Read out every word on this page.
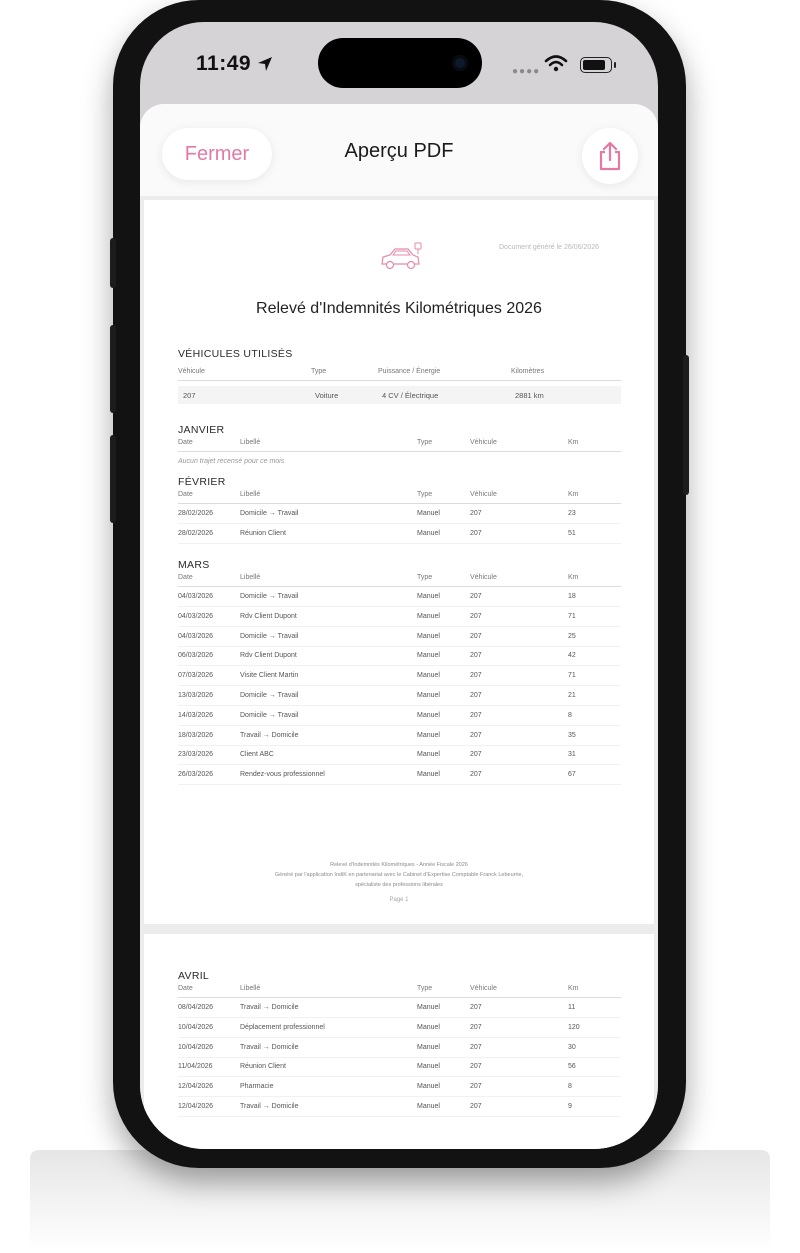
11:49	●●●●
Fermer	Aperçu PDF
Document généré le 26/06/2026
Relevé d'Indemnités Kilométriques 2026
VÉHICULES UTILISÉS
Véhicule	Type	Puissance / Énergie	Kilomètres
207	Voiture	4 CV / Électrique	2881 km
JANVIER
Date	Libellé	Type	Véhicule	Km
Aucun trajet recensé pour ce mois
FÉVRIER
Date	Libellé	Type	Véhicule	Km
28/02/2026	Domicile → Travail	Manuel	207	23
28/02/2026	Réunion Client	Manuel	207	51
MARS
Date	Libellé	Type	Véhicule	Km
04/03/2026	Domicile → Travail	Manuel	207	18
04/03/2026	Rdv Client Dupont	Manuel	207	71
04/03/2026	Domicile → Travail	Manuel	207	25
06/03/2026	Rdv Client Dupont	Manuel	207	42
07/03/2026	Visite Client Martin	Manuel	207	71
13/03/2026	Domicile → Travail	Manuel	207	21
14/03/2026	Domicile → Travail	Manuel	207	8
18/03/2026	Travail → Domicile	Manuel	207	35
23/03/2026	Client ABC	Manuel	207	31
26/03/2026	Rendez-vous professionnel	Manuel	207	67
Relevé d'Indemnités Kilométriques - Année Fiscale 2026
Généré par l'application IndiK en partenariat avec le Cabinet d'Expertise Comptable Franck Lebeurrie,
spécialiste des professions libérales
Page 1
AVRIL
Date	Libellé	Type	Véhicule	Km
08/04/2026	Travail → Domicile	Manuel	207	11
10/04/2026	Déplacement professionnel	Manuel	207	120
10/04/2026	Travail → Domicile	Manuel	207	30
11/04/2026	Réunion Client	Manuel	207	56
12/04/2026	Pharmacie	Manuel	207	8
12/04/2026	Travail → Domicile	Manuel	207	9
